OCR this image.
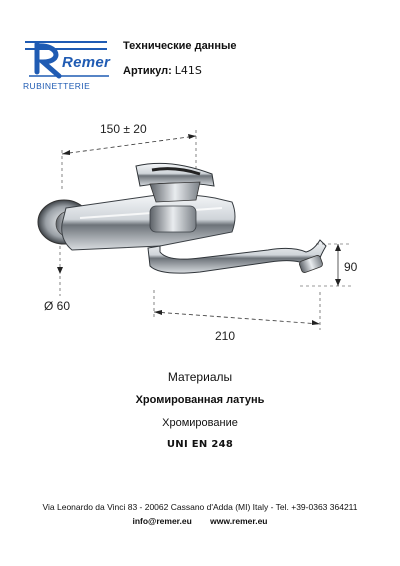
Remer
RUBINETTERIE
Технические данные
Артикул: L41S
150 ± 20
90
Ø 60
210
Материалы
Хромированная латунь
Хромирование
UNI EN 248
Via Leonardo da Vinci 83 - 20062 Cassano d'Adda (MI) Italy - Tel. +39-0363 364211
info@remer.eu www.remer.eu
